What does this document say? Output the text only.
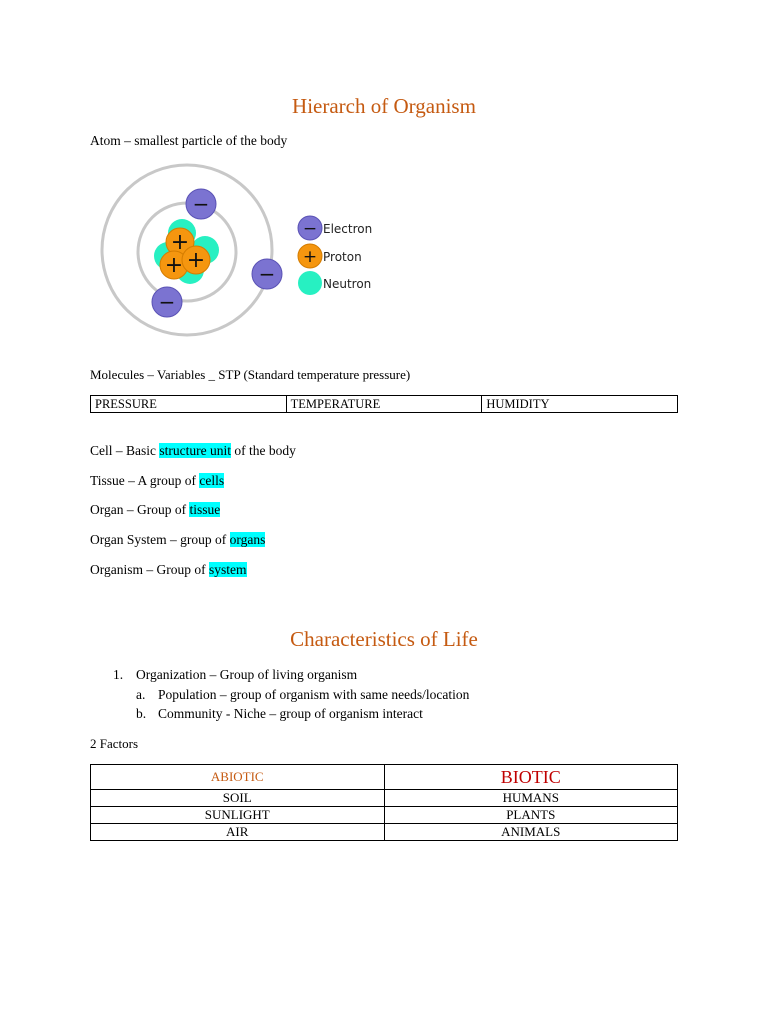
Hierarch of Organism
Atom – smallest particle of the body
+
+ +
−
−
−
− Electron
+ Proton
Neutron
Molecules – Variables _ STP (Standard temperature pressure)
PRESSURE	TEMPERATURE	HUMIDITY
Cell – Basic structure unit of the body
Tissue – A group of cells
Organ – Group of tissue
Organ System – group of organs
Organism – Group of system
Characteristics of Life
1. Organization – Group of living organism
a. Population – group of organism with same needs/location
b. Community - Niche – group of organism interact
2 Factors
ABIOTIC	BIOTIC
SOIL	HUMANS
SUNLIGHT	PLANTS
AIR	ANIMALS
